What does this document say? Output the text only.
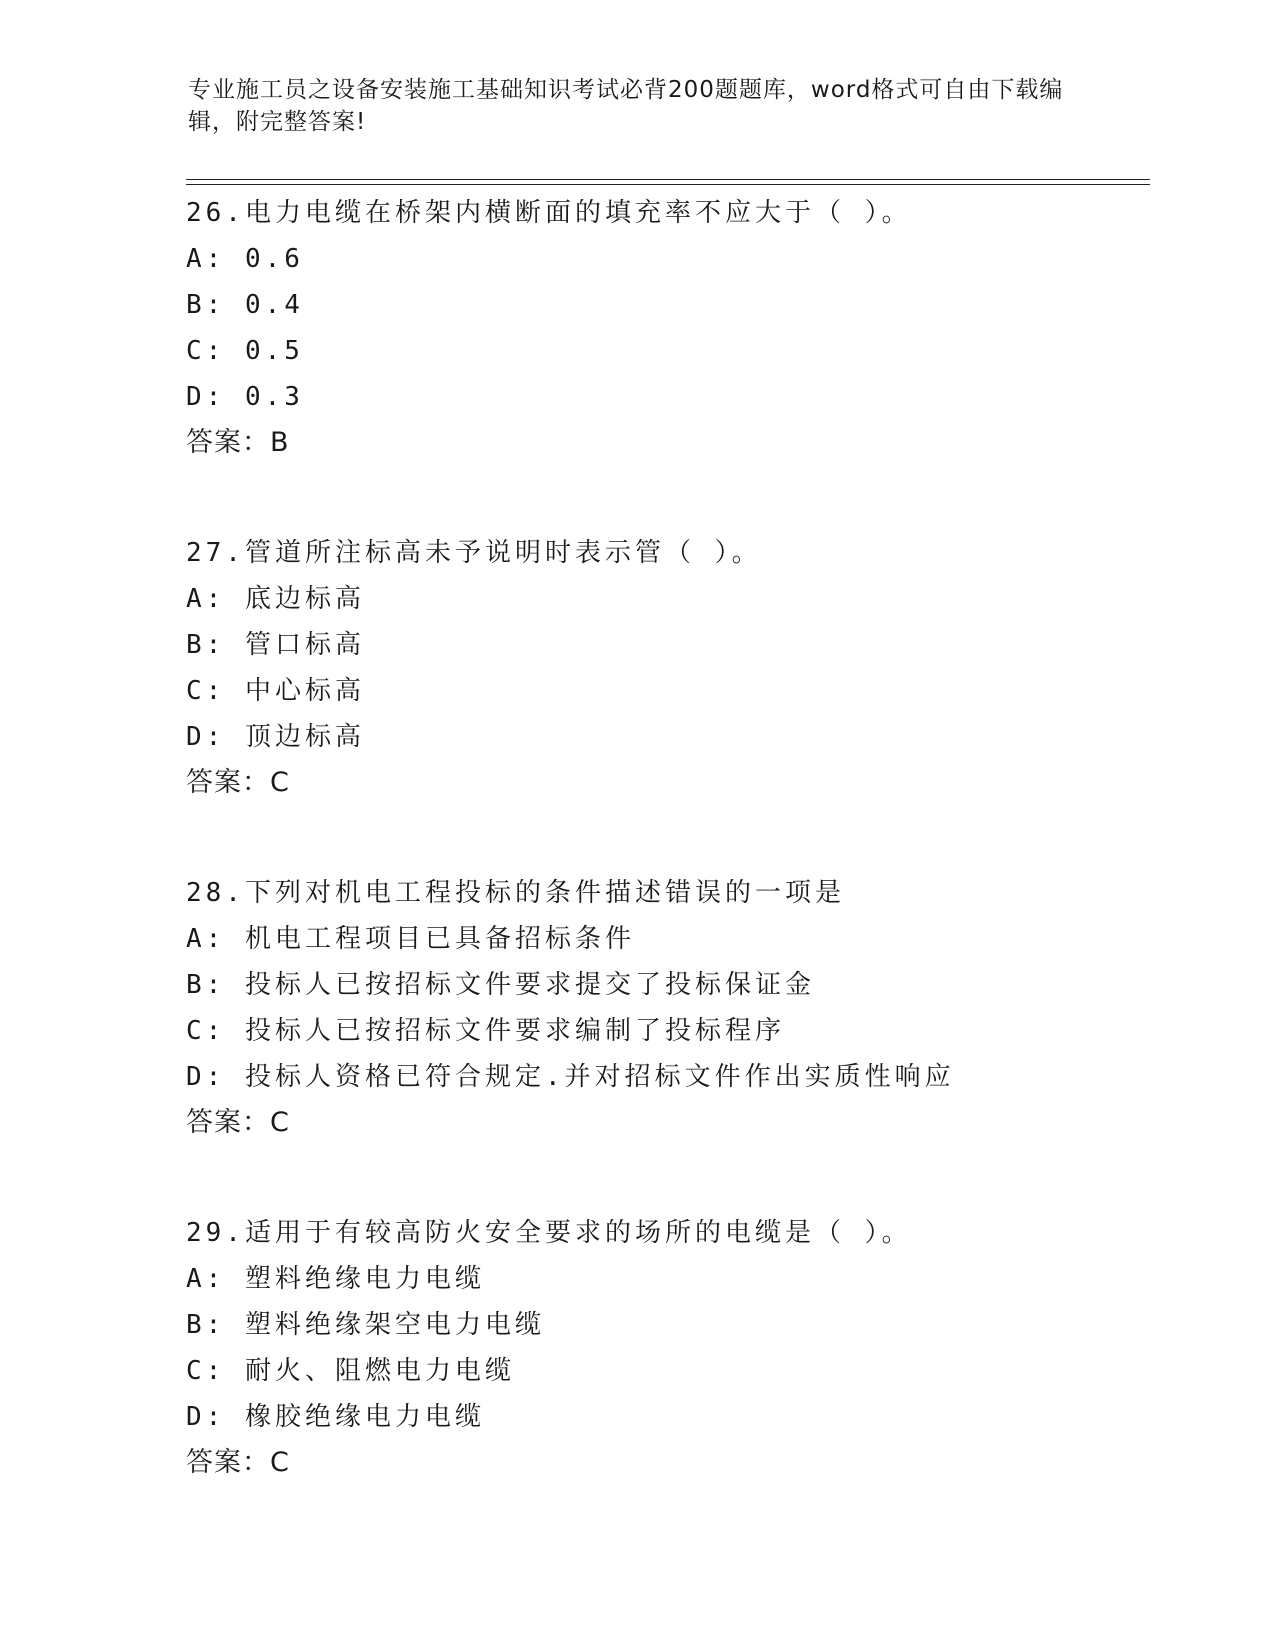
专业施工员之设备安装施工基础知识考试必背200题题库，word格式可自由下载编辑，附完整答案!
26.电力电缆在桥架内横断面的填充率不应大于（ ）。
A: 0.6
B: 0.4
C: 0.5
D: 0.3
答案：B
27.管道所注标高未予说明时表示管（ ）。
A: 底边标高
B: 管口标高
C: 中心标高
D: 顶边标高
答案：C
28.下列对机电工程投标的条件描述错误的一项是
A: 机电工程项目已具备招标条件
B: 投标人已按招标文件要求提交了投标保证金
C: 投标人已按招标文件要求编制了投标程序
D: 投标人资格已符合规定.并对招标文件作出实质性响应
答案：C
29.适用于有较高防火安全要求的场所的电缆是（ ）。
A: 塑料绝缘电力电缆
B: 塑料绝缘架空电力电缆
C: 耐火、阻燃电力电缆
D: 橡胶绝缘电力电缆
答案：C
